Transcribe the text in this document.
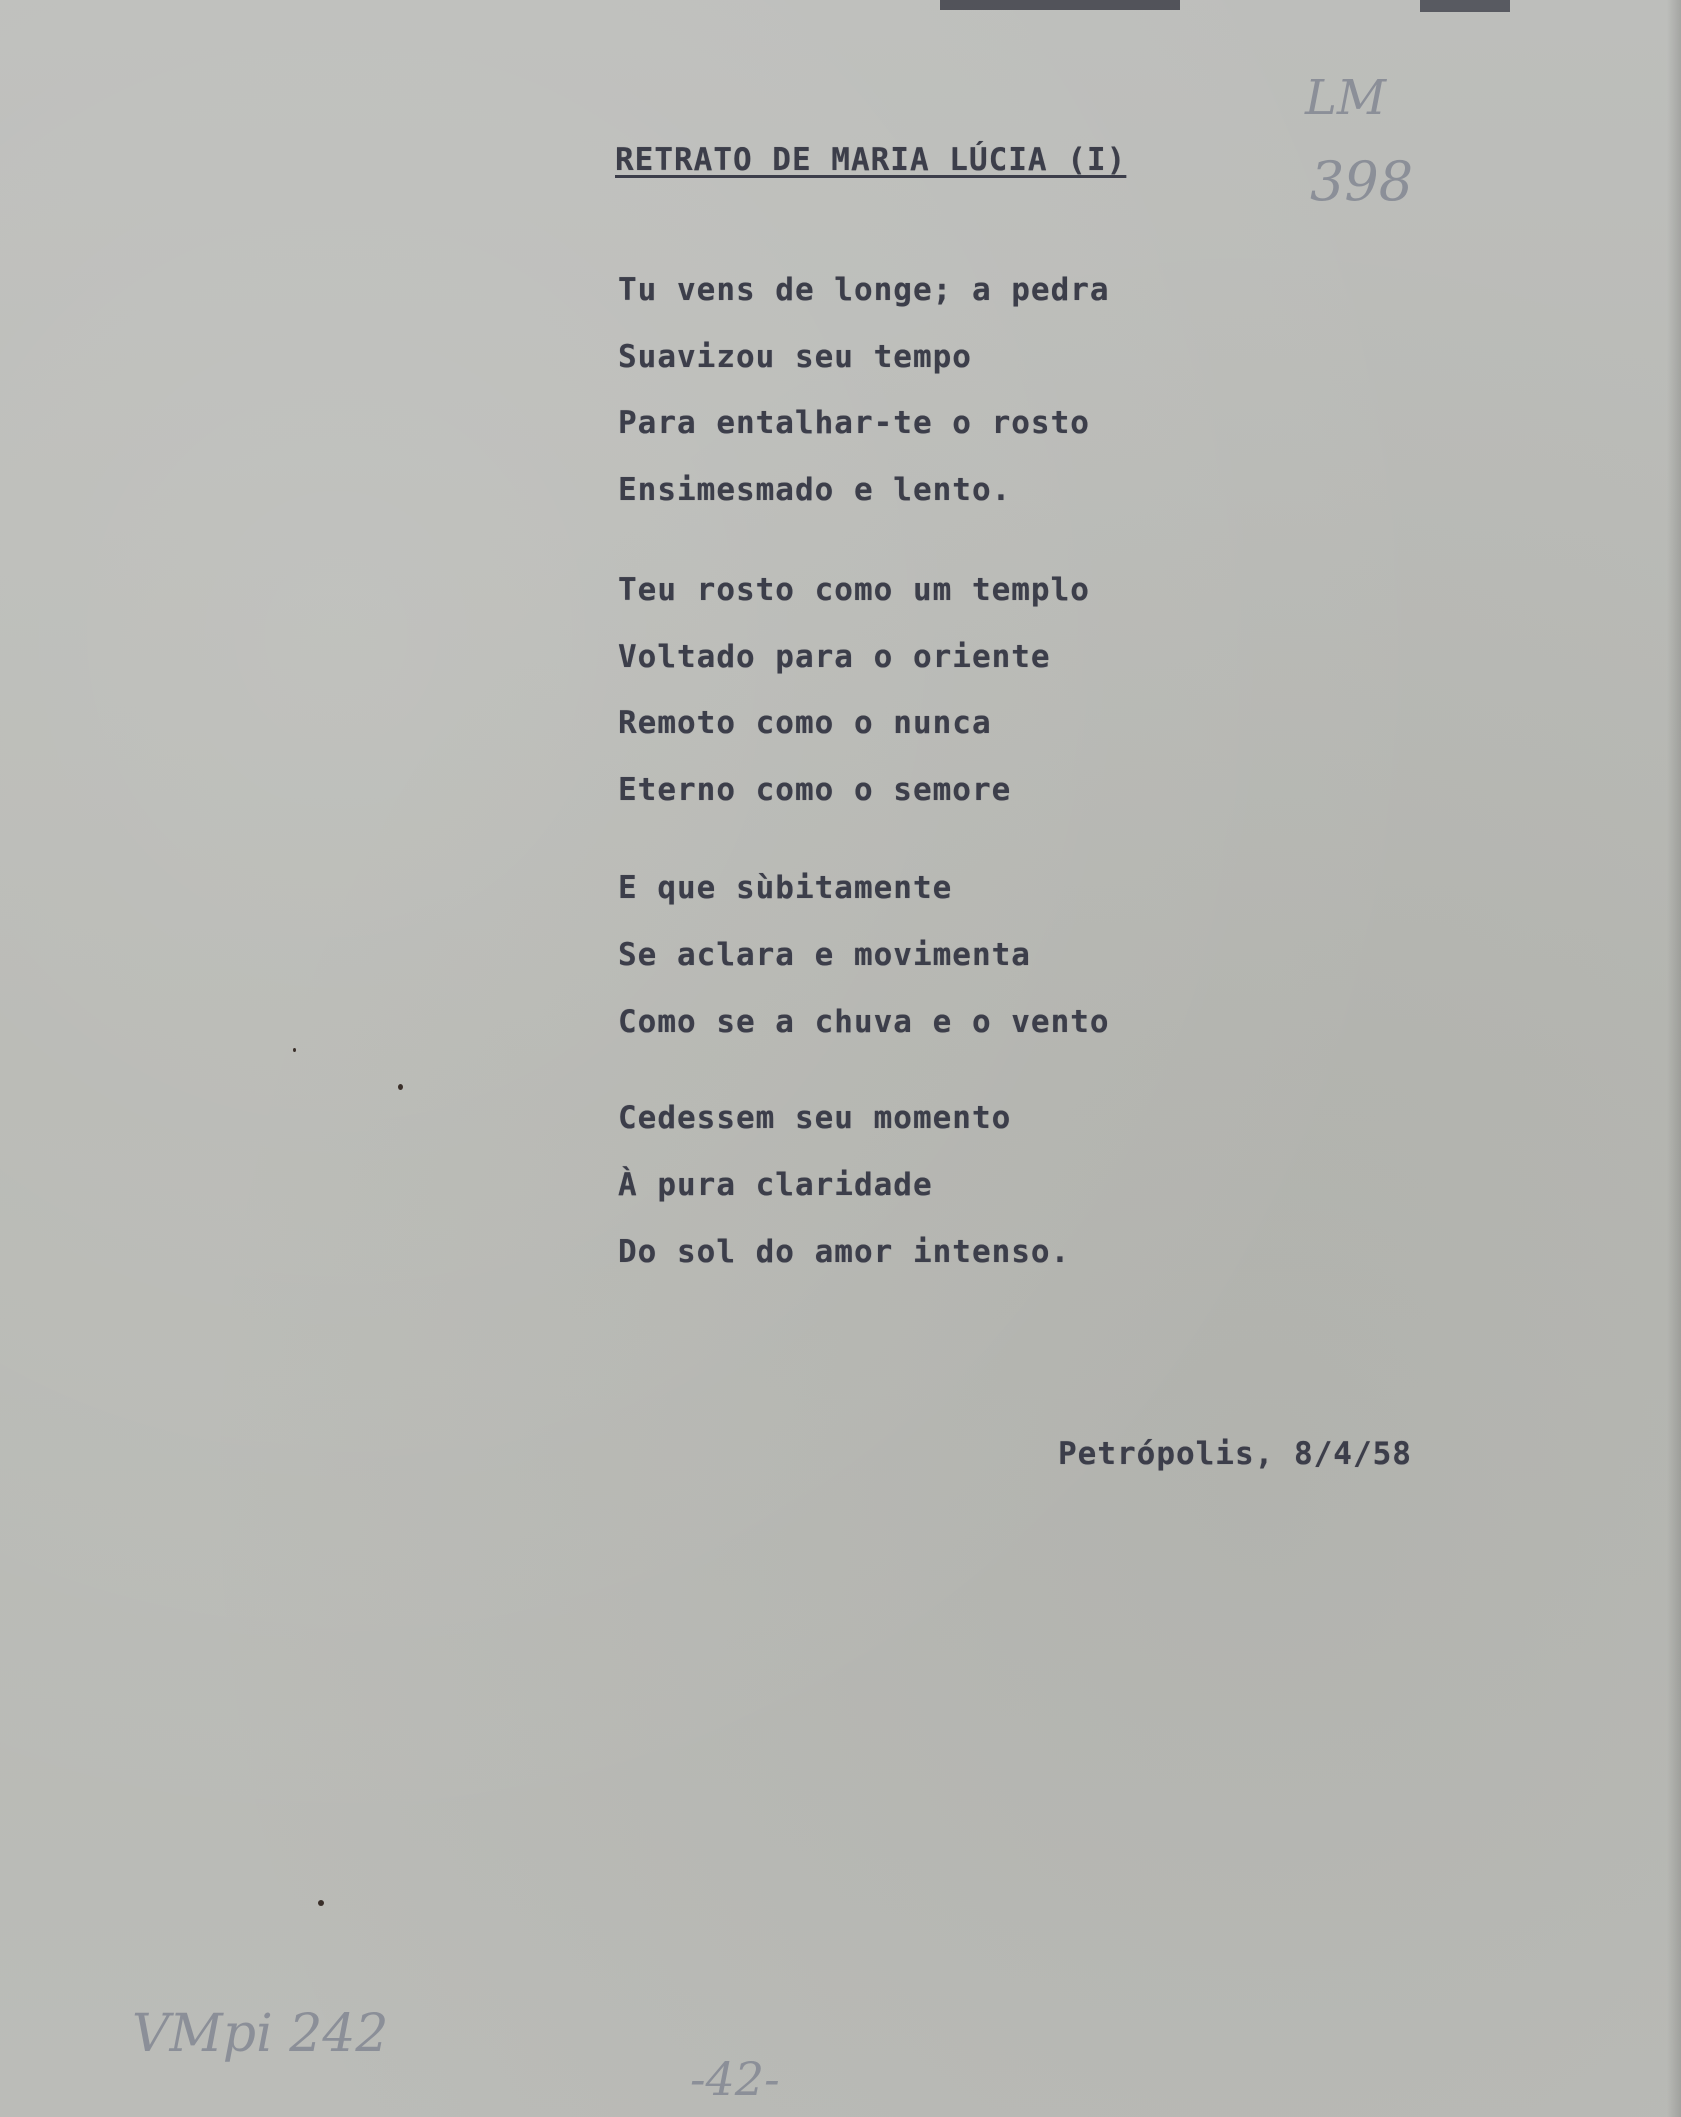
LM
398
RETRATO DE MARIA LÚCIA (I)
Tu vens de longe; a pedra
Suavizou seu tempo
Para entalhar-te o rosto
Ensimesmado e lento.
Teu rosto como um templo
Voltado para o oriente
Remoto como o nunca
Eterno como o semore
E que sùbitamente
Se aclara e movimenta
Como se a chuva e o vento
Cedessem seu momento
À pura claridade
Do sol do amor intenso.
Petrópolis, 8/4/58
VMpi 242
-42-
